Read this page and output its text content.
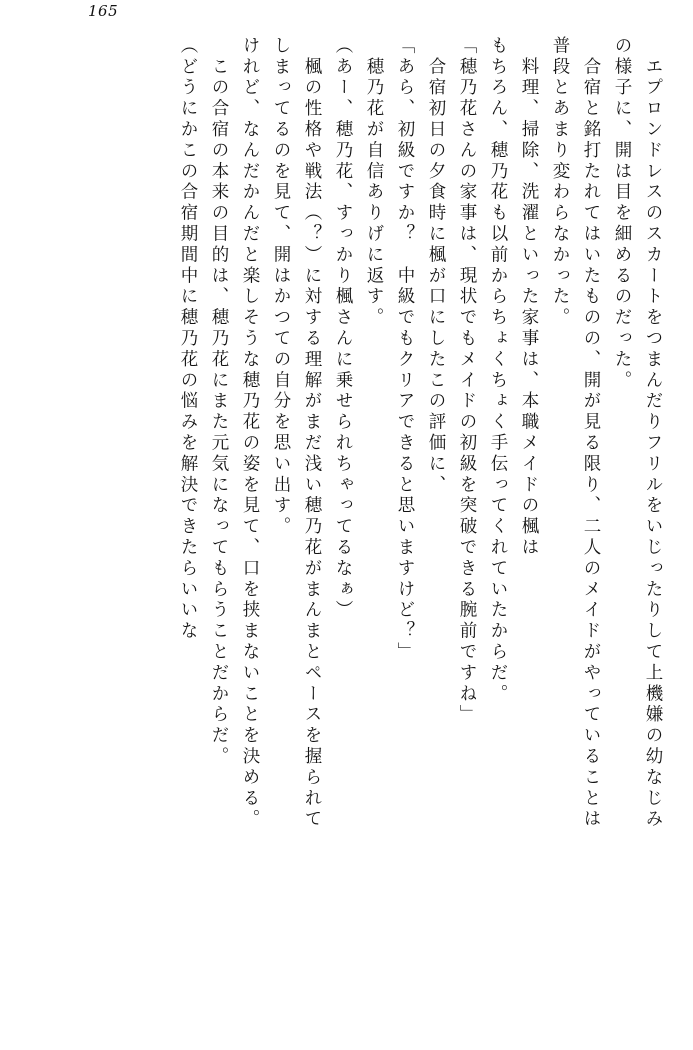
165
　エプロンドレスのスカートをつまんだりフリルをいじったりして上機嫌の幼なじみ
の様子に、開は目を細めるのだった。
　合宿と銘打たれてはいたものの、開が見る限り、二人のメイドがやっていることは
普段とあまり変わらなかった。
　料理、掃除、洗濯といった家事は、本職メイドの楓は
もちろん、穂乃花も以前からちょくちょく手伝ってくれていたからだ。
「穂乃花さんの家事は、現状でもメイドの初級を突破できる腕前ですね」
　合宿初日の夕食時に楓が口にしたこの評価に、
「あら、初級ですか？　中級でもクリアできると思いますけど？」
　穂乃花が自信ありげに返す。
（あー、穂乃花、すっかり楓さんに乗せられちゃってるなぁ）
　楓の性格や戦法（？）に対する理解がまだ浅い穂乃花がまんまとペースを握られて
しまってるのを見て、開はかつての自分を思い出す。
けれど、なんだかんだと楽しそうな穂乃花の姿を見て、口を挟まないことを決める。
　この合宿の本来の目的は、穂乃花にまた元気になってもらうことだからだ。
（どうにかこの合宿期間中に穂乃花の悩みを解決できたらいいな
